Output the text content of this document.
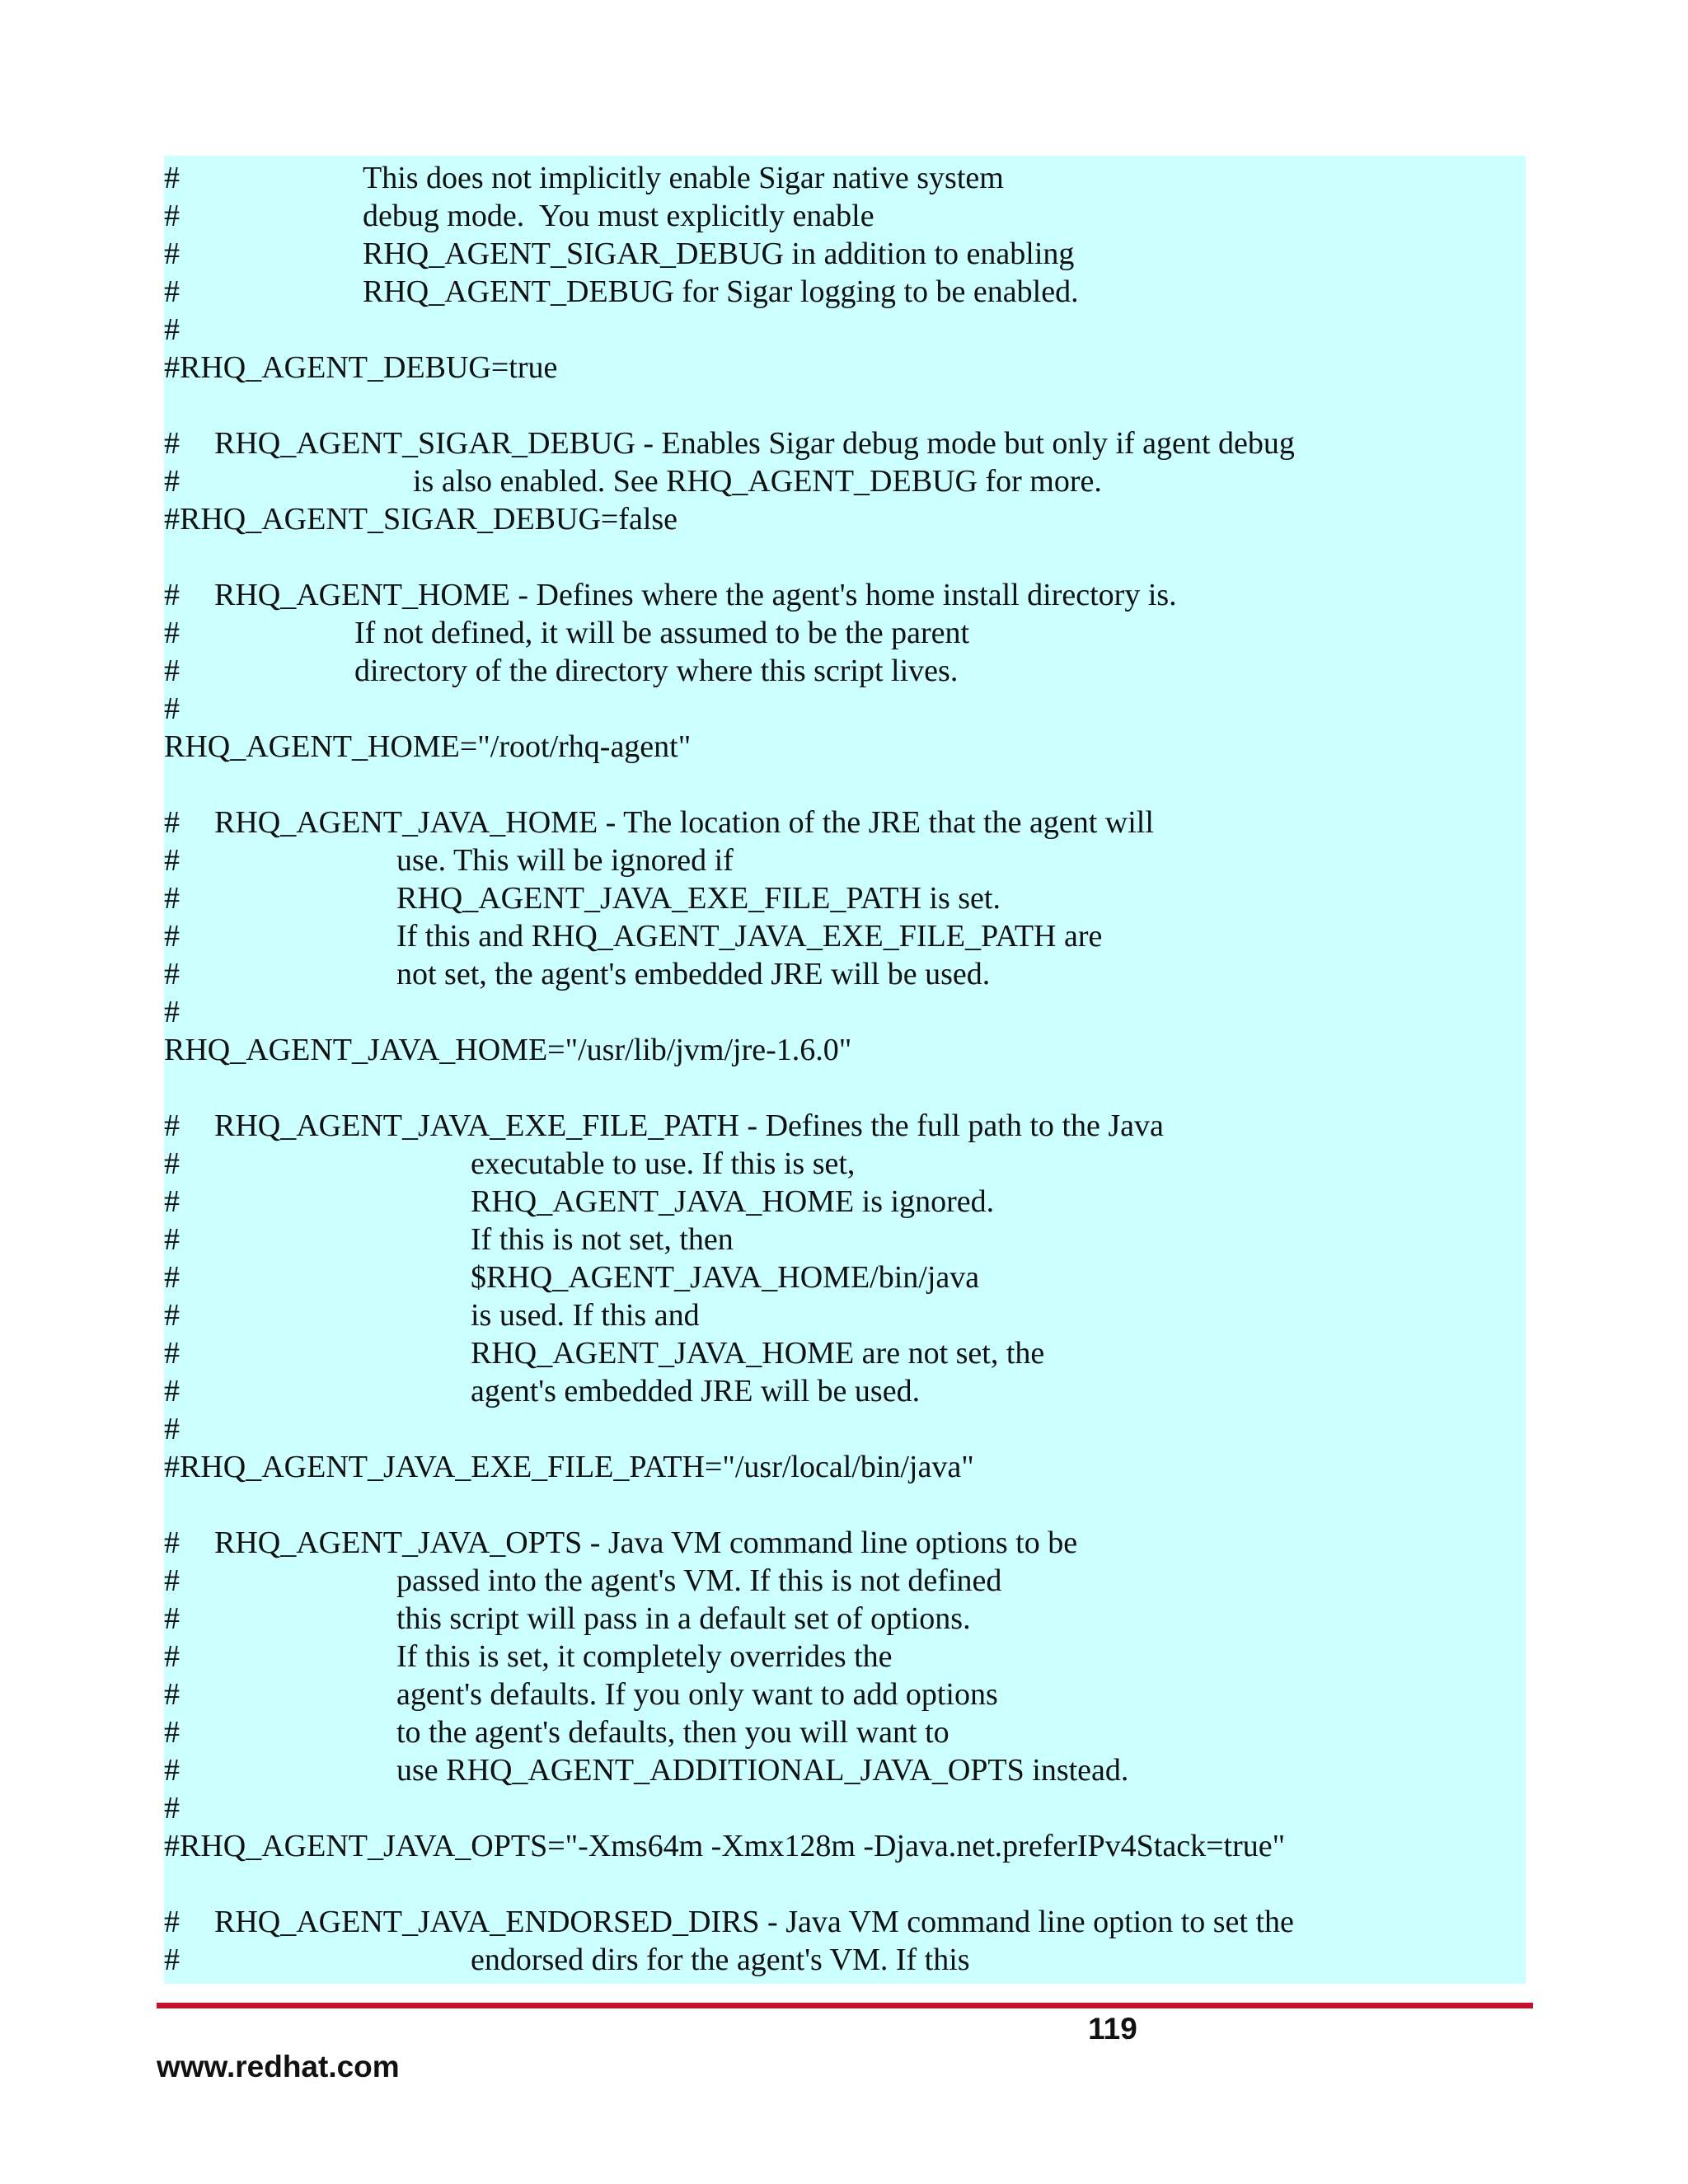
#	This does not implicitly enable Sigar native system
#	debug mode.  You must explicitly enable
#	RHQ_AGENT_SIGAR_DEBUG in addition to enabling
#	RHQ_AGENT_DEBUG for Sigar logging to be enabled.
#
#RHQ_AGENT_DEBUG=true
# RHQ_AGENT_SIGAR_DEBUG - Enables Sigar debug mode but only if agent debug
#	is also enabled. See RHQ_AGENT_DEBUG for more.
#RHQ_AGENT_SIGAR_DEBUG=false
# RHQ_AGENT_HOME - Defines where the agent's home install directory is.
#	If not defined, it will be assumed to be the parent
#	directory of the directory where this script lives.
#
RHQ_AGENT_HOME="/root/rhq-agent"
# RHQ_AGENT_JAVA_HOME - The location of the JRE that the agent will
#	use. This will be ignored if
#	RHQ_AGENT_JAVA_EXE_FILE_PATH is set.
#	If this and RHQ_AGENT_JAVA_EXE_FILE_PATH are
#	not set, the agent's embedded JRE will be used.
#
RHQ_AGENT_JAVA_HOME="/usr/lib/jvm/jre-1.6.0"
# RHQ_AGENT_JAVA_EXE_FILE_PATH - Defines the full path to the Java
#	executable to use. If this is set,
#	RHQ_AGENT_JAVA_HOME is ignored.
#	If this is not set, then
#	$RHQ_AGENT_JAVA_HOME/bin/java
#	is used. If this and
#	RHQ_AGENT_JAVA_HOME are not set, the
#	agent's embedded JRE will be used.
#
#RHQ_AGENT_JAVA_EXE_FILE_PATH="/usr/local/bin/java"
# RHQ_AGENT_JAVA_OPTS - Java VM command line options to be
#	passed into the agent's VM. If this is not defined
#	this script will pass in a default set of options.
#	If this is set, it completely overrides the
#	agent's defaults. If you only want to add options
#	to the agent's defaults, then you will want to
#	use RHQ_AGENT_ADDITIONAL_JAVA_OPTS instead.
#
#RHQ_AGENT_JAVA_OPTS="-Xms64m -Xmx128m -Djava.net.preferIPv4Stack=true"
# RHQ_AGENT_JAVA_ENDORSED_DIRS - Java VM command line option to set the
#	endorsed dirs for the agent's VM. If this
119
www.redhat.com
